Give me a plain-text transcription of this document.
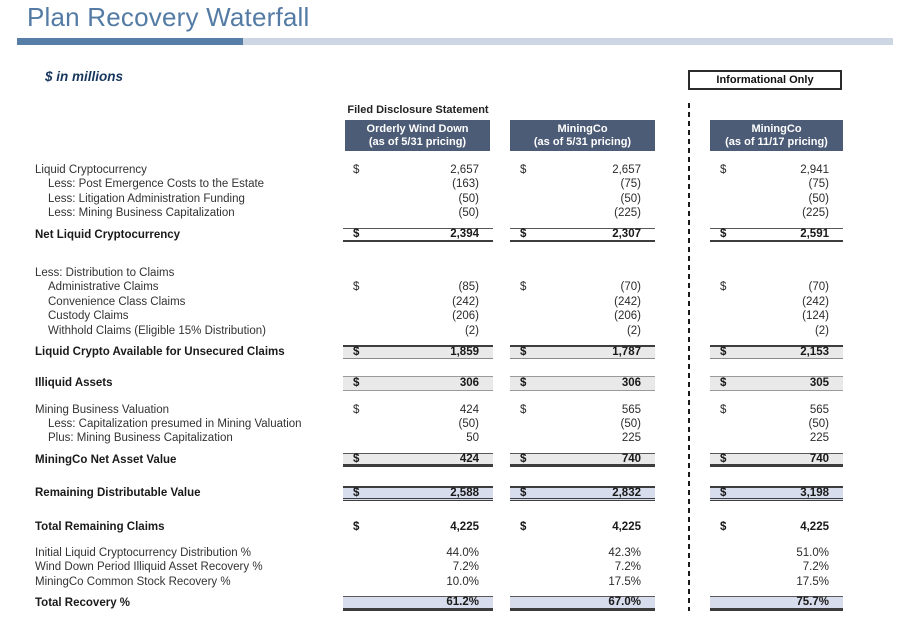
Plan Recovery Waterfall
$ in millions	Informational Only
Filed Disclosure Statement
Orderly Wind Down
(as of 5/31 pricing)
MiningCo
(as of 5/31 pricing)
MiningCo
(as of 11/17 pricing)
Liquid Cryptocurrency	$	2,657	$	2,657	$	2,941
Less: Post Emergence Costs to the Estate	(163)	(75)	(75)
Less: Litigation Administration Funding	(50)	(50)	(50)
Less: Mining Business Capitalization	(50)	(225)	(225)
Net Liquid Cryptocurrency	$	2,394	$	2,307	$	2,591
Less: Distribution to Claims
Administrative Claims	$	(85)	$	(70)	$	(70)
Convenience Class Claims	(242)	(242)	(242)
Custody Claims	(206)	(206)	(124)
Withhold Claims (Eligible 15% Distribution)	(2)	(2)	(2)
Liquid Crypto Available for Unsecured Claims	$	1,859	$	1,787	$	2,153
Illiquid Assets	$	306	$	306	$	305
Mining Business Valuation	$	424	$	565	$	565
Less: Capitalization presumed in Mining Valuation	(50)	(50)	(50)
Plus: Mining Business Capitalization	50	225	225
MiningCo Net Asset Value	$	424	$	740	$	740
Remaining Distributable Value	$	2,588	$	2,832	$	3,198
Total Remaining Claims	$	4,225	$	4,225	$	4,225
Initial Liquid Cryptocurrency Distribution %	44.0%	42.3%	51.0%
Wind Down Period Illiquid Asset Recovery %	7.2%	7.2%	7.2%
MiningCo Common Stock Recovery %	10.0%	17.5%	17.5%
Total Recovery %	61.2%	67.0%	75.7%
